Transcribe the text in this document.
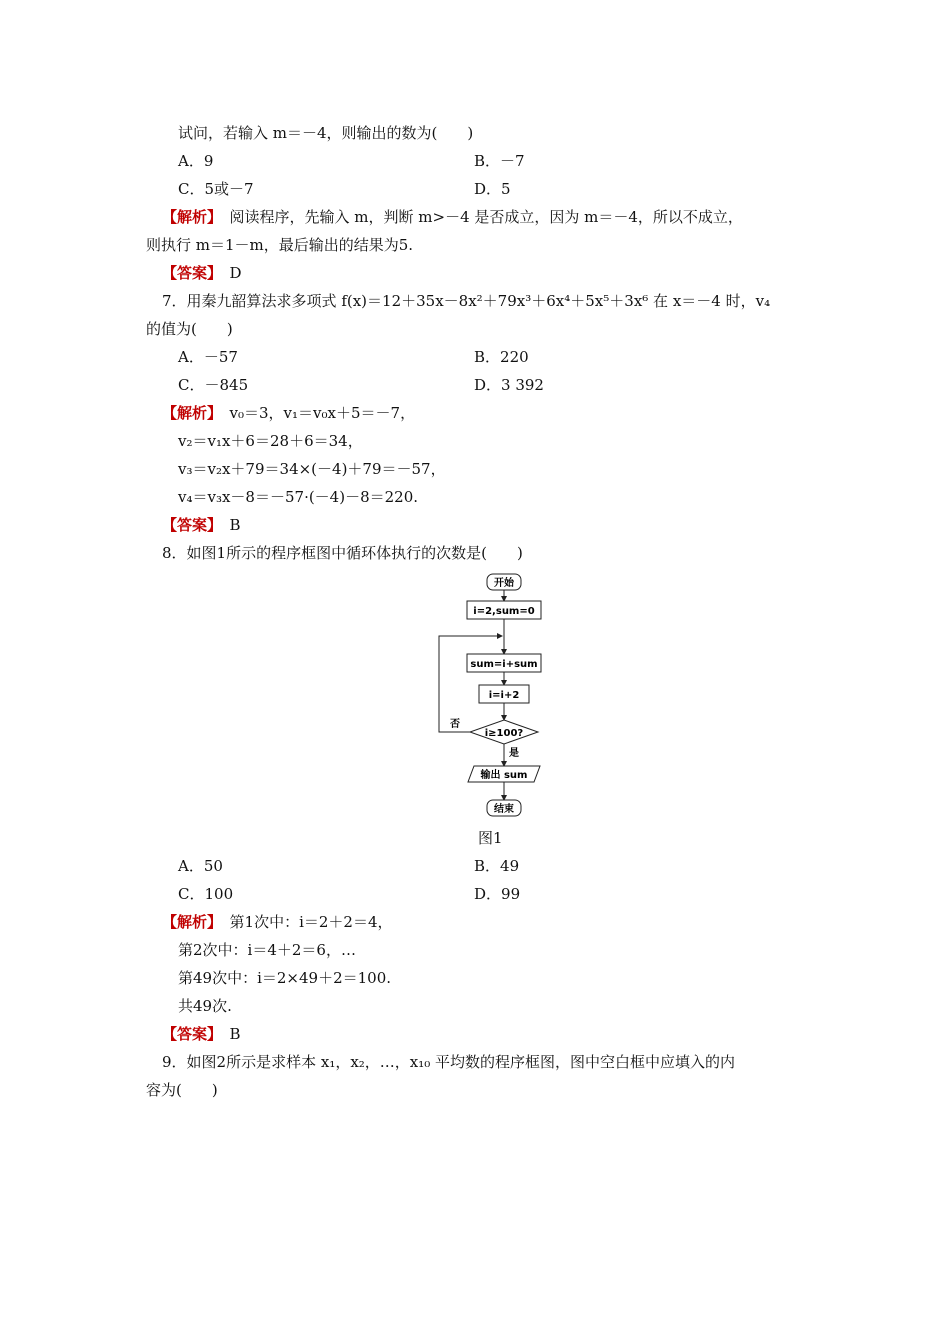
试问，若输入 m＝－4，则输出的数为(　　)
A．9	B．－7
C．5或－7	D．5
【解析】　 阅读程序，先输入 m，判断 m>－4 是否成立，因为 m＝－4，所以不成立，
则执行 m＝1－m，最后输出的结果为5.
【答案】　 D
7．用秦九韶算法求多项式 f(x)＝12＋35x－8x²＋79x³＋6x⁴＋5x⁵＋3x⁶ 在 x＝－4 时，v₄
的值为(　　)
A．－57	B．220
C．－845	D．3 392
【解析】　 v₀＝3，v₁＝v₀x＋5＝－7，
v₂＝v₁x＋6＝28＋6＝34，
v₃＝v₂x＋79＝34×(－4)＋79＝－57，
v₄＝v₃x－8＝－57·(－4)－8＝220.
【答案】　 B
8．如图1所示的程序框图中循环体执行的次数是(　　)
开始
i=2,sum=0
sum=i+sum
i=i+2
i≥100?
否
是
输出 sum
结束
图1
A．50	B．49
C．100	D．99
【解析】　 第1次中：i＝2＋2＝4，
第2次中：i＝4＋2＝6，…
第49次中：i＝2×49＋2＝100.
共49次.
【答案】　 B
9．如图2所示是求样本 x₁，x₂，…，x₁₀ 平均数的程序框图，图中空白框中应填入的内
容为(　　)
